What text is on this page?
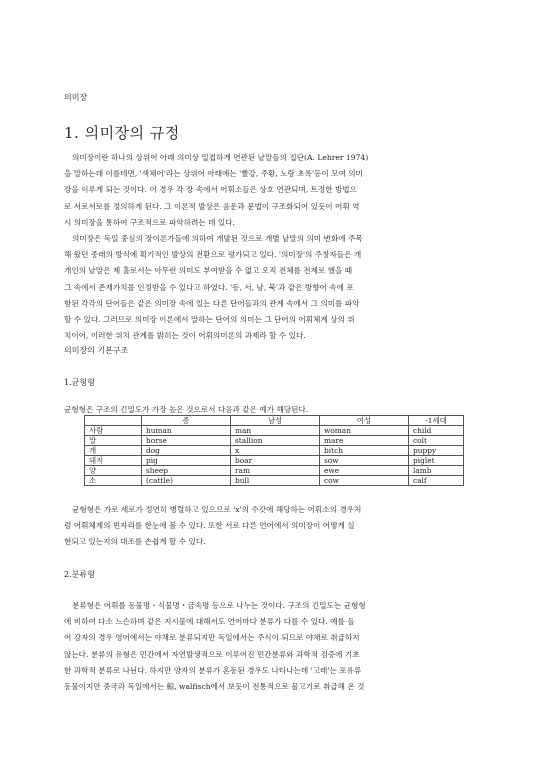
의미장
1. 의미장의 규정

의미장이란 하나의 상위어 아래 의미상 밀접하게 연관된 낱말들의 집단(A. Lehrer 1974)
을 말하는데 이를테면, '색체어'라는 상위어 아래에는 '빨강, 주황, 노랑 초록'등이 모여 의미
장을 이루게 되는 것이다. 이 경우 각 장 속에서 어휘소들은 상호 연관되며, 트정한 방법으
로 서로서로를 정의하게 된다. 그 이론적 발상은 음운과 문법이 구조화되어 있듯이 어휘 역
시 의미장을 통하여 구조적으로 파악하려는 데 있다.

의미장은 독일 중심의 장이론가들에 의하여 개발된 것으로 개별 낱말의 의미 변화에 주목
해 왔던 종래의 방식에 획기적인 발상의 전환으로 평가되고 있다. '의미장'의 주창자들은 개
개인의 낱말은 제 홀로서는 아무런 의미도 부여받을 수 없고 오직 전체를 전제로 했을 때
그 속에서 존재가치를 인정받을 수 있다고 하였다. '동, 서, 남, 북'과 같은 방향어 속에 포
함된 각각의 단어들은 같은 의미장 속에 있는 다른 단어들과의 관계 속에서 그 의미를 파악
할 수 있다. 그러므로 의미장 이론에서 말하는 단어의 의미는 그 단어의 어휘체계 상의 위
치이어, 이러한 위치 관계를 밝히는 것이 어휘의미론의 과제라 할 수 있다.

의미장의 기본구조
1.균형형
균형형은 구조의 긴밀도가 가장 높은 것으로서 다음과 같은 예가 해당된다.
	종	남성	여성	-1세대
사람	human	man	woman	child
말	horse	stallion	mare	colt
개	dog	x	bitch	puppy
돼지	pig	boar	sow	piglet
양	sheep	ram	ewe	lamb
소	(cattle)	bull	cow	calf

균형형은 가로 세로가 정연히 병렬하고 있으므로 'x'의 수갓에 해당하는 어휘소의 경우처
럼 어휘체계의 빈자리를 한눈에 볼 수 있다. 또한 서로 다른 언어에서 의미장이 어떻게 실
현되고 있는지의 대조를 손쉽게 할 수 있다.

2.분류형

분류형은 어휘를 동물명・식물명・금속명 등으로 나누는 것이다. 구조의 긴밀도는 균형형
에 비하여 다소 느슨하며 같은 지시물에 대해서도 언어마다 분류가 다를 수 있다. 예를 들
어 감자의 경우 영어에서는 야채로 분류되지만 독일에서는 주식이 되므로 야채로 취급하지
않는다. 분류의 유형은 민간에서 자연발생적으로 이루어진 민간분류와 과학적 검증에 기초
한 과학적 분류로 나뉜다. 하지만 양자의 분류가 혼동된 경우도 나타나는데 '고래'는 포유류
동물이지만 중국과 독일에서는 鯨, walfisch에서 보듯이 전통적으로 물고기로 취급해 온 것
